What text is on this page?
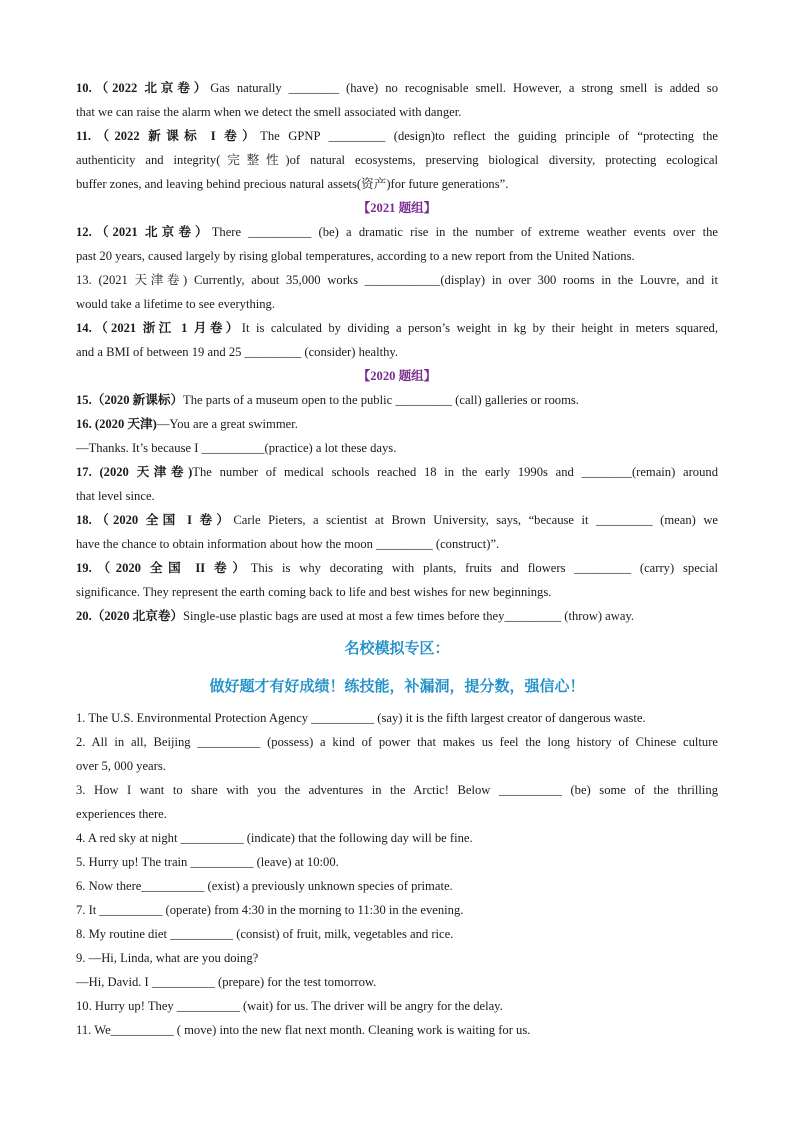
10.（2022 北京卷）Gas naturally ________ (have) no recognisable smell. However, a strong smell is added so
that we can raise the alarm when we detect the smell associated with danger.
11.（2022 新课标 I 卷）The GPNP _________ (design)to reflect the guiding principle of “protecting the
authenticity and integrity(完整性)of natural ecosystems, preserving biological diversity, protecting ecological
buffer zones, and leaving behind precious natural assets(资产)for future generations”.
【2021 题组】
12.（2021 北京卷）There __________ (be) a dramatic rise in the number of extreme weather events over the
past 20 years, caused largely by rising global temperatures, according to a new report from the United Nations.
13. (2021 天津卷) Currently, about 35,000 works ____________(display) in over 300 rooms in the Louvre, and it
would take a lifetime to see everything.
14.（2021 浙江 1 月卷）It is calculated by dividing a person’s weight in kg by their height in meters squared,
and a BMI of between 19 and 25 _________ (consider) healthy.
【2020 题组】
15.（2020 新课标）The parts of a museum open to the public _________ (call) galleries or rooms.
16. (2020 天津)—You are a great swimmer.
—Thanks. It’s because I __________(practice) a lot these days.
17. (2020 天津卷)The number of medical schools reached 18 in the early 1990s and ________(remain) around
that level since.
18.（2020 全国 I 卷）Carle Pieters, a scientist at Brown University, says, “because it _________ (mean) we
have the chance to obtain information about how the moon _________ (construct)”.
19.（2020 全国 II 卷）This is why decorating with plants, fruits and flowers _________ (carry) special
significance. They represent the earth coming back to life and best wishes for new beginnings.
20.（2020 北京卷）Single-use plastic bags are used at most a few times before they_________ (throw) away.
名校模拟专区：
做好题才有好成绩！练技能，补漏洞，提分数，强信心！
1. The U.S. Environmental Protection Agency __________ (say) it is the fifth largest creator of dangerous waste.
2. All in all, Beijing __________ (possess) a kind of power that makes us feel the long history of Chinese culture
over 5, 000 years.
3. How I want to share with you the adventures in the Arctic! Below __________ (be) some of the thrilling
experiences there.
4. A red sky at night __________ (indicate) that the following day will be fine.
5. Hurry up! The train __________ (leave) at 10:00.
6. Now there__________ (exist) a previously unknown species of primate.
7. It __________ (operate) from 4:30 in the morning to 11:30 in the evening.
8. My routine diet __________ (consist) of fruit, milk, vegetables and rice.
9. —Hi, Linda, what are you doing?
—Hi, David. I __________ (prepare) for the test tomorrow.
10. Hurry up! They __________ (wait) for us. The driver will be angry for the delay.
11. We__________ ( move) into the new flat next month. Cleaning work is waiting for us.
